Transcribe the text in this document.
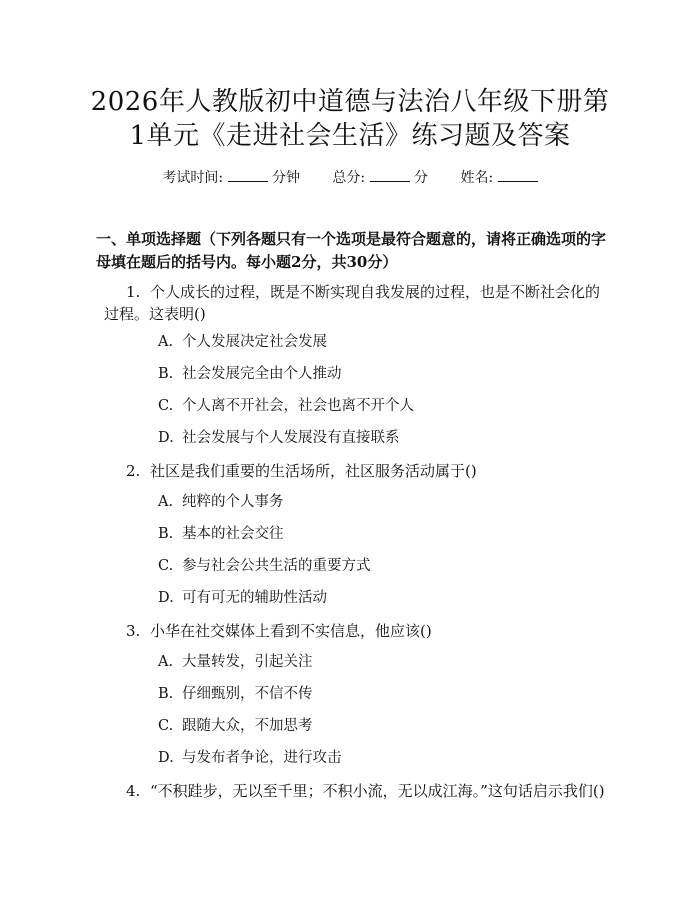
2026年人教版初中道德与法治八年级下册第
1单元《走进社会生活》练习题及答案
考试时间:	分钟 总分:	分 姓名:

一、单项选择题（下列各题只有一个选项是最符合题意的，请将正确选项的字母填在题后的括号内。每小题2分，共30分）

1. 个人成长的过程，既是不断实现自我发展的过程，也是不断社会化的过程。这表明()

A. 个人发展决定社会发展

B. 社会发展完全由个人推动

C. 个人离不开社会，社会也离不开个人

D. 社会发展与个人发展没有直接联系

2. 社区是我们重要的生活场所，社区服务活动属于()

A. 纯粹的个人事务

B. 基本的社会交往

C. 参与社会公共生活的重要方式

D. 可有可无的辅助性活动

3. 小华在社交媒体上看到不实信息，他应该()

A. 大量转发，引起关注

B. 仔细甄别，不信不传

C. 跟随大众，不加思考

D. 与发布者争论，进行攻击

4. “不积跬步，无以至千里；不积小流，无以成江海。”这句话启示我们()
